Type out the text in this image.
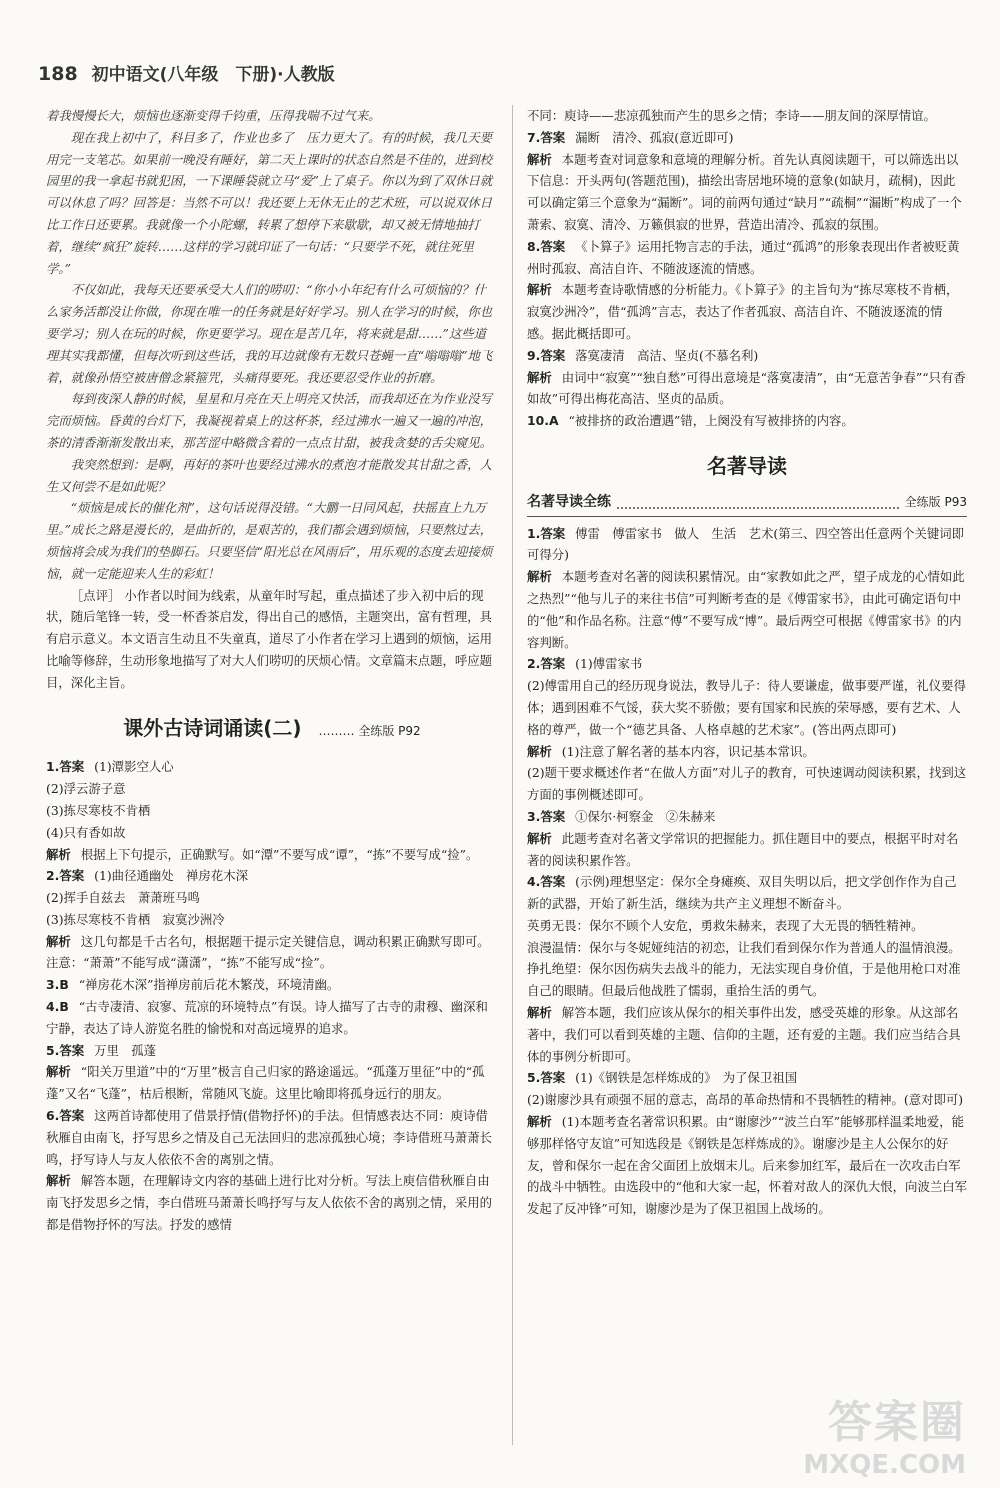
188 初中语文(八年级　下册)·人教版

着我慢慢长大，烦恼也逐渐变得千钧重，压得我喘不过气来。

现在我上初中了，科目多了，作业也多了　压力更大了。有的时候，我几天要用完一支笔芯。如果前一晚没有睡好，第二天上课时的状态自然是不佳的，进到校园里的我一拿起书就犯困，一下课睡袋就立马“爱”上了桌子。你以为到了双休日就可以休息了吗？回答是：当然不可以！我还要上无休无止的艺术班，可以说双休日比工作日还要累。我就像一个小陀螺，转累了想停下来歇歇，却又被无情地抽打着，继续“疯狂”旋转……这样的学习就印证了一句话：“只要学不死，就往死里学。”

不仅如此，我每天还要承受大人们的唠叨：“你小小年纪有什么可烦恼的？什么家务活都没让你做，你现在唯一的任务就是好好学习。别人在学习的时候，你也要学习；别人在玩的时候，你更要学习。现在是苦几年，将来就是甜……”这些道理其实我都懂，但每次听到这些话，我的耳边就像有无数只苍蝇一直“嗡嗡嗡”地飞着，就像孙悟空被唐僧念紧箍咒，头痛得要死。我还要忍受作业的折磨。

每到夜深人静的时候，星星和月亮在天上明亮又快活，而我却还在为作业没写完而烦恼。昏黄的台灯下，我凝视着桌上的这杯茶，经过沸水一遍又一遍的冲泡，茶的清香渐渐发散出来，那苦涩中略微含着的一点点甘甜，被我贪婪的舌尖窥见。

我突然想到：是啊，再好的茶叶也要经过沸水的煮泡才能散发其甘甜之香，人生又何尝不是如此呢？

“烦恼是成长的催化剂”，这句话说得没错。“大鹏一日同风起，扶摇直上九万里。”成长之路是漫长的，是曲折的，是艰苦的，我们都会遇到烦恼，只要熬过去，烦恼将会成为我们的垫脚石。只要坚信“阳光总在风雨后”，用乐观的态度去迎接烦恼，就一定能迎来人生的彩虹！

［点评］ 小作者以时间为线索，从童年时写起，重点描述了步入初中后的现状，随后笔锋一转，受一杯香茶启发，得出自己的感悟，主题突出，富有哲理，具有启示意义。本文语言生动且不失童真，道尽了小作者在学习上遇到的烦恼，运用比喻等修辞，生动形象地描写了对大人们唠叨的厌烦心情。文章篇末点题，呼应题目，深化主旨。

课外古诗词诵读(二) ……… 全练版 P92

1.答案 (1)潭影空人心

(2)浮云游子意

(3)拣尽寒枝不肯栖

(4)只有香如故

解析 根据上下句提示，正确默写。如“潭”不要写成“谭”，“拣”不要写成“捡”。

2.答案 (1)曲径通幽处　禅房花木深

(2)挥手自兹去　萧萧班马鸣

(3)拣尽寒枝不肯栖　寂寞沙洲冷

解析 这几句都是千古名句，根据题干提示定关键信息，调动积累正确默写即可。注意：“萧萧”不能写成“潇潇”，“拣”不能写成“捡”。

3.B “禅房花木深”指禅房前后花木繁茂，环境清幽。

4.B “古寺凄清、寂寥、荒凉的环境特点”有误。诗人描写了古寺的肃穆、幽深和宁静，表达了诗人游览名胜的愉悦和对高远境界的追求。

5.答案 万里　孤蓬

解析 “阳关万里道”中的“万里”极言自己归家的路途遥远。“孤蓬万里征”中的“孤蓬”又名“飞蓬”，枯后根断，常随风飞旋。这里比喻即将孤身远行的朋友。

6.答案 这两首诗都使用了借景抒情(借物抒怀)的手法。但情感表达不同：庾诗借秋雁自由南飞，抒写思乡之情及自己无法回归的悲凉孤独心境；李诗借班马萧萧长鸣，抒写诗人与友人依依不舍的离别之情。

解析 解答本题，在理解诗文内容的基础上进行比对分析。写法上庾信借秋雁自由南飞抒发思乡之情，李白借班马萧萧长鸣抒写与友人依依不舍的离别之情，采用的都是借物抒怀的写法。抒发的感情

不同：庾诗——悲凉孤独而产生的思乡之情；李诗——朋友间的深厚情谊。

7.答案 漏断　清冷、孤寂(意近即可)

解析 本题考查对词意象和意境的理解分析。首先认真阅读题干，可以筛选出以下信息：开头两句(答题范围)，描绘出寄居地环境的意象(如缺月，疏桐)，因此可以确定第三个意象为“漏断”。词的前两句通过“缺月”“疏桐”“漏断”构成了一个萧索、寂寞、清冷、万籁俱寂的世界，营造出清冷、孤寂的氛围。

8.答案 《卜算子》运用托物言志的手法，通过“孤鸿”的形象表现出作者被贬黄州时孤寂、高洁自许、不随波逐流的情感。

解析 本题考查诗歌情感的分析能力。《卜算子》的主旨句为“拣尽寒枝不肯栖，寂寞沙洲冷”，借“孤鸿”言志，表达了作者孤寂、高洁自许、不随波逐流的情感。据此概括即可。

9.答案 落寞凄清　高洁、坚贞(不慕名利)

解析 由词中“寂寞”“独自愁”可得出意境是“落寞凄清”，由“无意苦争春”“只有香如故”可得出梅花高洁、坚贞的品质。

10.A “被排挤的政治遭遇”错，上阕没有写被排挤的内容。

名著导读
名著导读全练	全练版 P93

1.答案 傅雷　傅雷家书　做人　生活　艺术(第三、四空答出任意两个关键词即可得分)

解析 本题考查对名著的阅读积累情况。由“家教如此之严，望子成龙的心情如此之热烈”“他与儿子的来往书信”可判断考查的是《傅雷家书》，由此可确定语句中的“他”和作品名称。注意“傅”不要写成“博”。最后两空可根据《傅雷家书》的内容判断。

2.答案 (1)傅雷家书

(2)傅雷用自己的经历现身说法，教导儿子：待人要谦虚，做事要严谨，礼仪要得体；遇到困难不气馁，获大奖不骄傲；要有国家和民族的荣辱感，要有艺术、人格的尊严，做一个“德艺具备、人格卓越的艺术家”。(答出两点即可)

解析 (1)注意了解名著的基本内容，识记基本常识。

(2)题干要求概述作者“在做人方面”对儿子的教育，可快速调动阅读积累，找到这方面的事例概述即可。

3.答案 ①保尔·柯察金　②朱赫来

解析 此题考查对名著文学常识的把握能力。抓住题目中的要点，根据平时对名著的阅读积累作答。

4.答案 (示例)理想坚定：保尔全身瘫痪、双目失明以后，把文学创作作为自己新的武器，开始了新生活，继续为共产主义理想不断奋斗。

英勇无畏：保尔不顾个人安危，勇救朱赫来，表现了大无畏的牺牲精神。

浪漫温情：保尔与冬妮娅纯洁的初恋，让我们看到保尔作为普通人的温情浪漫。

挣扎绝望：保尔因伤病失去战斗的能力，无法实现自身价值，于是他用枪口对准自己的眼睛。但最后他战胜了懦弱，重拾生活的勇气。

解析 解答本题，我们应该从保尔的相关事件出发，感受英雄的形象。从这部名著中，我们可以看到英雄的主题、信仰的主题，还有爱的主题。我们应当结合具体的事例分析即可。

5.答案 (1)《钢铁是怎样炼成的》　为了保卫祖国

(2)谢廖沙具有顽强不屈的意志，高昂的革命热情和不畏牺牲的精神。(意对即可)

解析 (1)本题考查名著常识积累。由“谢廖沙”“波兰白军”能够那样温柔地爱，能够那样恪守友谊”可知选段是《钢铁是怎样炼成的》。谢廖沙是主人公保尔的好友，曾和保尔一起在舍父面团上放烟末儿。后来参加红军，最后在一次攻击白军的战斗中牺牲。由选段中的“他和大家一起，怀着对敌人的深仇大恨，向波兰白军发起了反冲锋”可知，谢廖沙是为了保卫祖国上战场的。

答案圈
MXQE.COM
